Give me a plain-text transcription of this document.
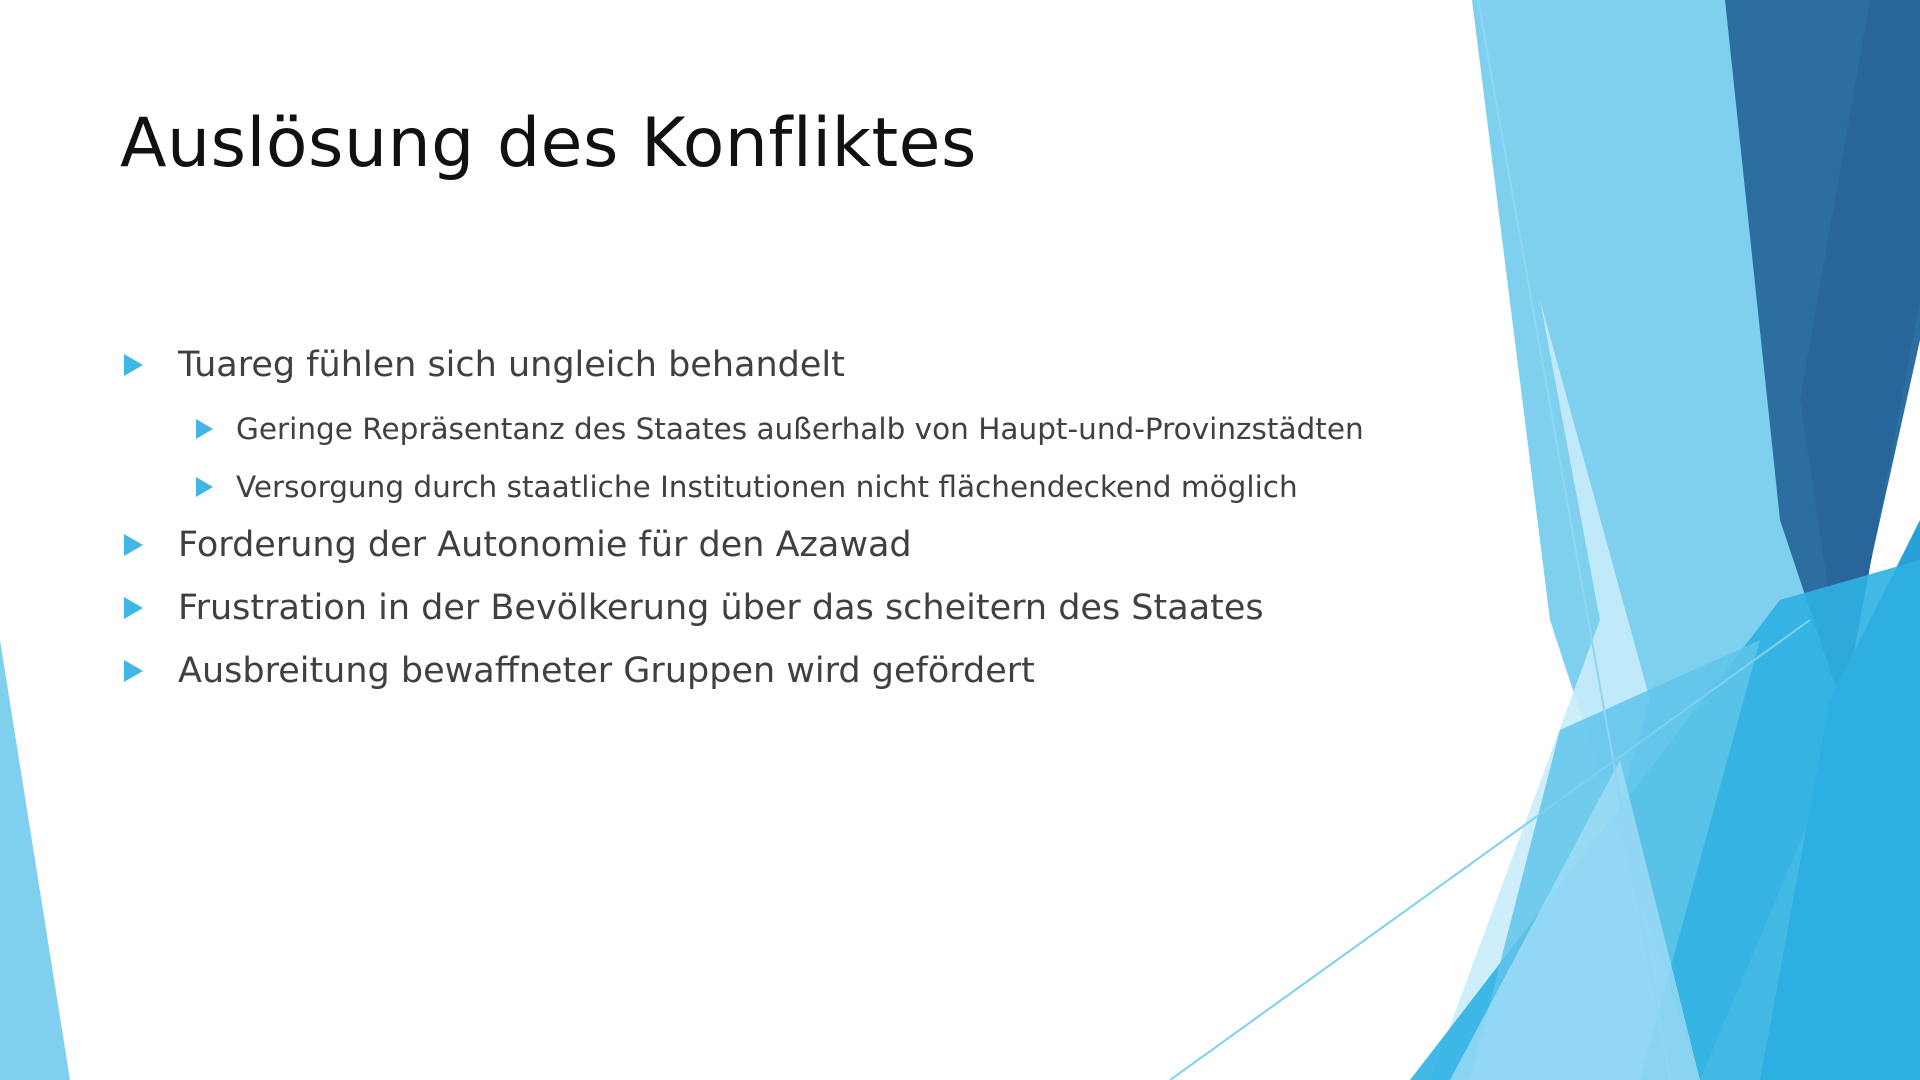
Auslösung des Konfliktes
Tuareg fühlen sich ungleich behandelt
Geringe Repräsentanz des Staates außerhalb von Haupt-und-Provinzstädten
Versorgung durch staatliche Institutionen nicht flächendeckend möglich
Forderung der Autonomie für den Azawad
Frustration in der Bevölkerung über das scheitern des Staates
Ausbreitung bewaffneter Gruppen wird gefördert
